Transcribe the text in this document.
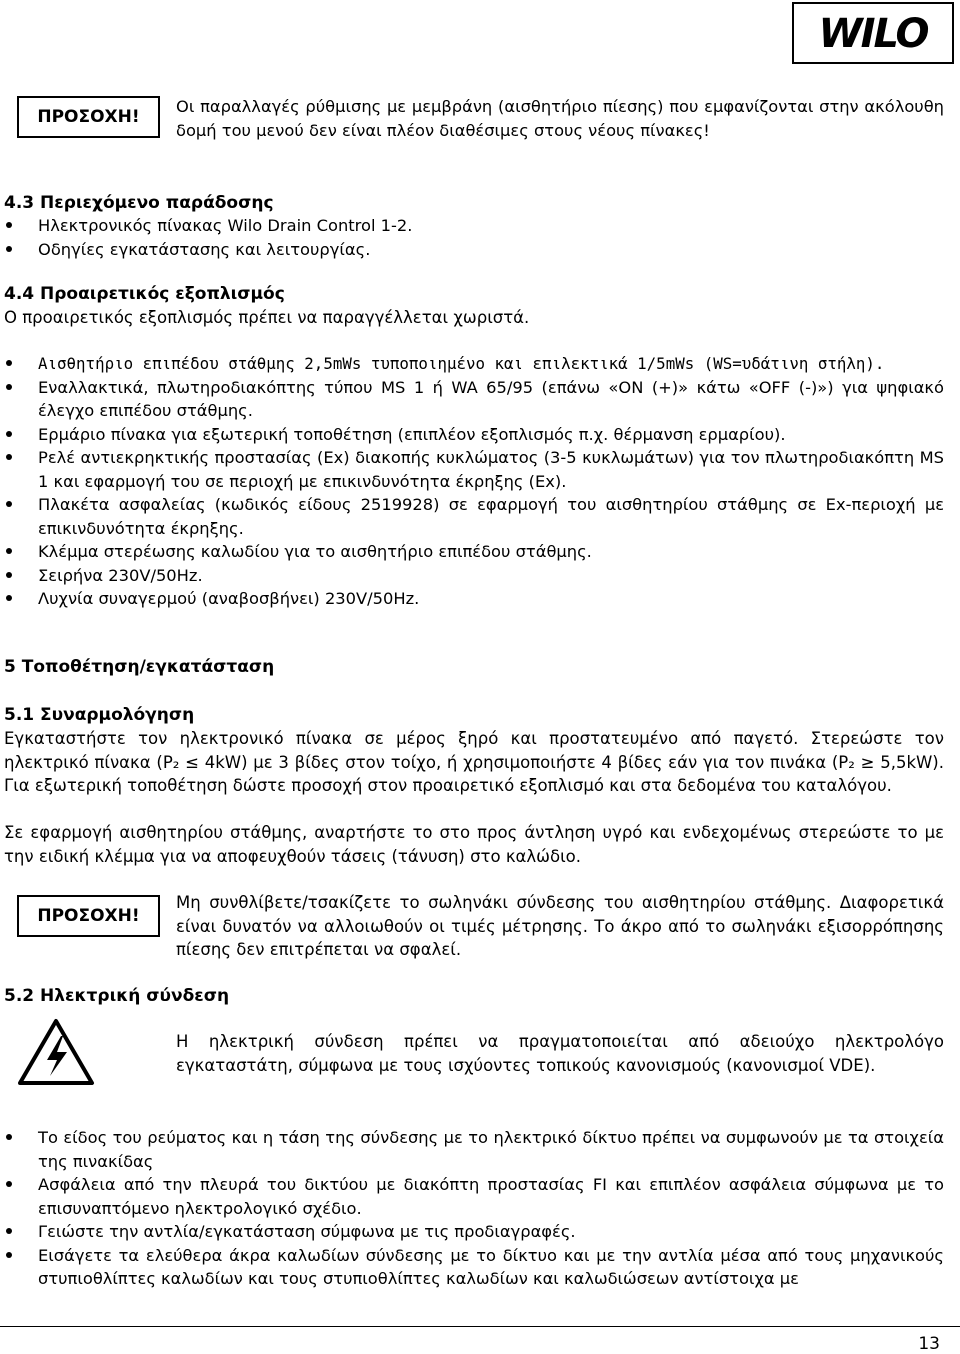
WILO
ΠΡΟΣΟΧΗ!
Οι παραλλαγές ρύθμισης με μεμβράνη (αισθητήριο πίεσης) που εμφανίζονται στην ακόλουθη δομή του μενού δεν είναι πλέον διαθέσιμες στους νέους πίνακες!
4.3 Περιεχόμενο παράδοσης
Ηλεκτρονικός πίνακας Wilo Drain Control 1-2.
Οδηγίες εγκατάστασης και λειτουργίας.
4.4 Προαιρετικός εξοπλισμός
Ο προαιρετικός εξοπλισμός πρέπει να παραγγέλλεται χωριστά.
Αισθητήριο επιπέδου στάθμης 2,5mWs τυποποιημένο και επιλεκτικά 1/5mWs (WS=υδάτινη στήλη).
Εναλλακτικά, πλωτηροδιακόπτης τύπου MS 1 ή WA 65/95 (επάνω «ON (+)» κάτω «OFF (-)») για ψηφιακό έλεγχο επιπέδου στάθμης.
Ερμάριο πίνακα για εξωτερική τοποθέτηση (επιπλέον εξοπλισμός π.χ. θέρμανση ερμαρίου).
Ρελέ αντιεκρηκτικής προστασίας (Ex) διακοπής κυκλώματος (3-5 κυκλωμάτων) για τον πλωτηροδιακόπτη MS 1 και εφαρμογή του σε περιοχή με επικινδυνότητα έκρηξης (Ex).
Πλακέτα ασφαλείας (κωδικός είδους 2519928) σε εφαρμογή του αισθητηρίου στάθμης σε Ex-περιοχή με επικινδυνότητα έκρηξης.
Κλέμμα στερέωσης καλωδίου για το αισθητήριο επιπέδου στάθμης.
Σειρήνα 230V/50Hz.
Λυχνία συναγερμού (αναβοσβήνει) 230V/50Hz.
5 Τοποθέτηση/εγκατάσταση
5.1 Συναρμολόγηση
Εγκαταστήστε τον ηλεκτρονικό πίνακα σε μέρος ξηρό και προστατευμένο από παγετό. Στερεώστε τον ηλεκτρικό πίνακα (P₂ ≤ 4kW) με 3 βίδες στον τοίχο, ή χρησιμοποιήστε 4 βίδες εάν για τον πινάκα (P₂ ≥ 5,5kW). Για εξωτερική τοποθέτηση δώστε προσοχή στον προαιρετικό εξοπλισμό και στα δεδομένα του καταλόγου.
Σε εφαρμογή αισθητηρίου στάθμης, αναρτήστε το στο προς άντληση υγρό και ενδεχομένως στερεώστε το με την ειδική κλέμμα για να αποφευχθούν τάσεις (τάνυση) στο καλώδιο.
ΠΡΟΣΟΧΗ!
Μη συνθλίβετε/τσακίζετε το σωληνάκι σύνδεσης του αισθητηρίου στάθμης. Διαφορετικά είναι δυνατόν να αλλοιωθούν οι τιμές μέτρησης. Το άκρο από το σωληνάκι εξισορρόπησης πίεσης δεν επιτρέπεται να σφαλεί.
5.2 Ηλεκτρική σύνδεση
Η ηλεκτρική σύνδεση πρέπει να πραγματοποιείται από αδειούχο ηλεκτρολόγο εγκαταστάτη, σύμφωνα με τους ισχύοντες τοπικούς κανονισμούς (κανονισμοί VDE).
Το είδος του ρεύματος και η τάση της σύνδεσης με το ηλεκτρικό δίκτυο πρέπει να συμφωνούν με τα στοιχεία της πινακίδας
Ασφάλεια από την πλευρά του δικτύου με διακόπτη προστασίας FI και επιπλέον ασφάλεια σύμφωνα με το επισυναπτόμενο ηλεκτρολογικό σχέδιο.
Γειώστε την αντλία/εγκατάσταση σύμφωνα με τις προδιαγραφές.
Εισάγετε τα ελεύθερα άκρα καλωδίων σύνδεσης με το δίκτυο και με την αντλία μέσα από τους μηχανικούς στυπιοθλίπτες καλωδίων και τους στυπιοθλίπτες καλωδίων και καλωδιώσεων αντίστοιχα με
13
